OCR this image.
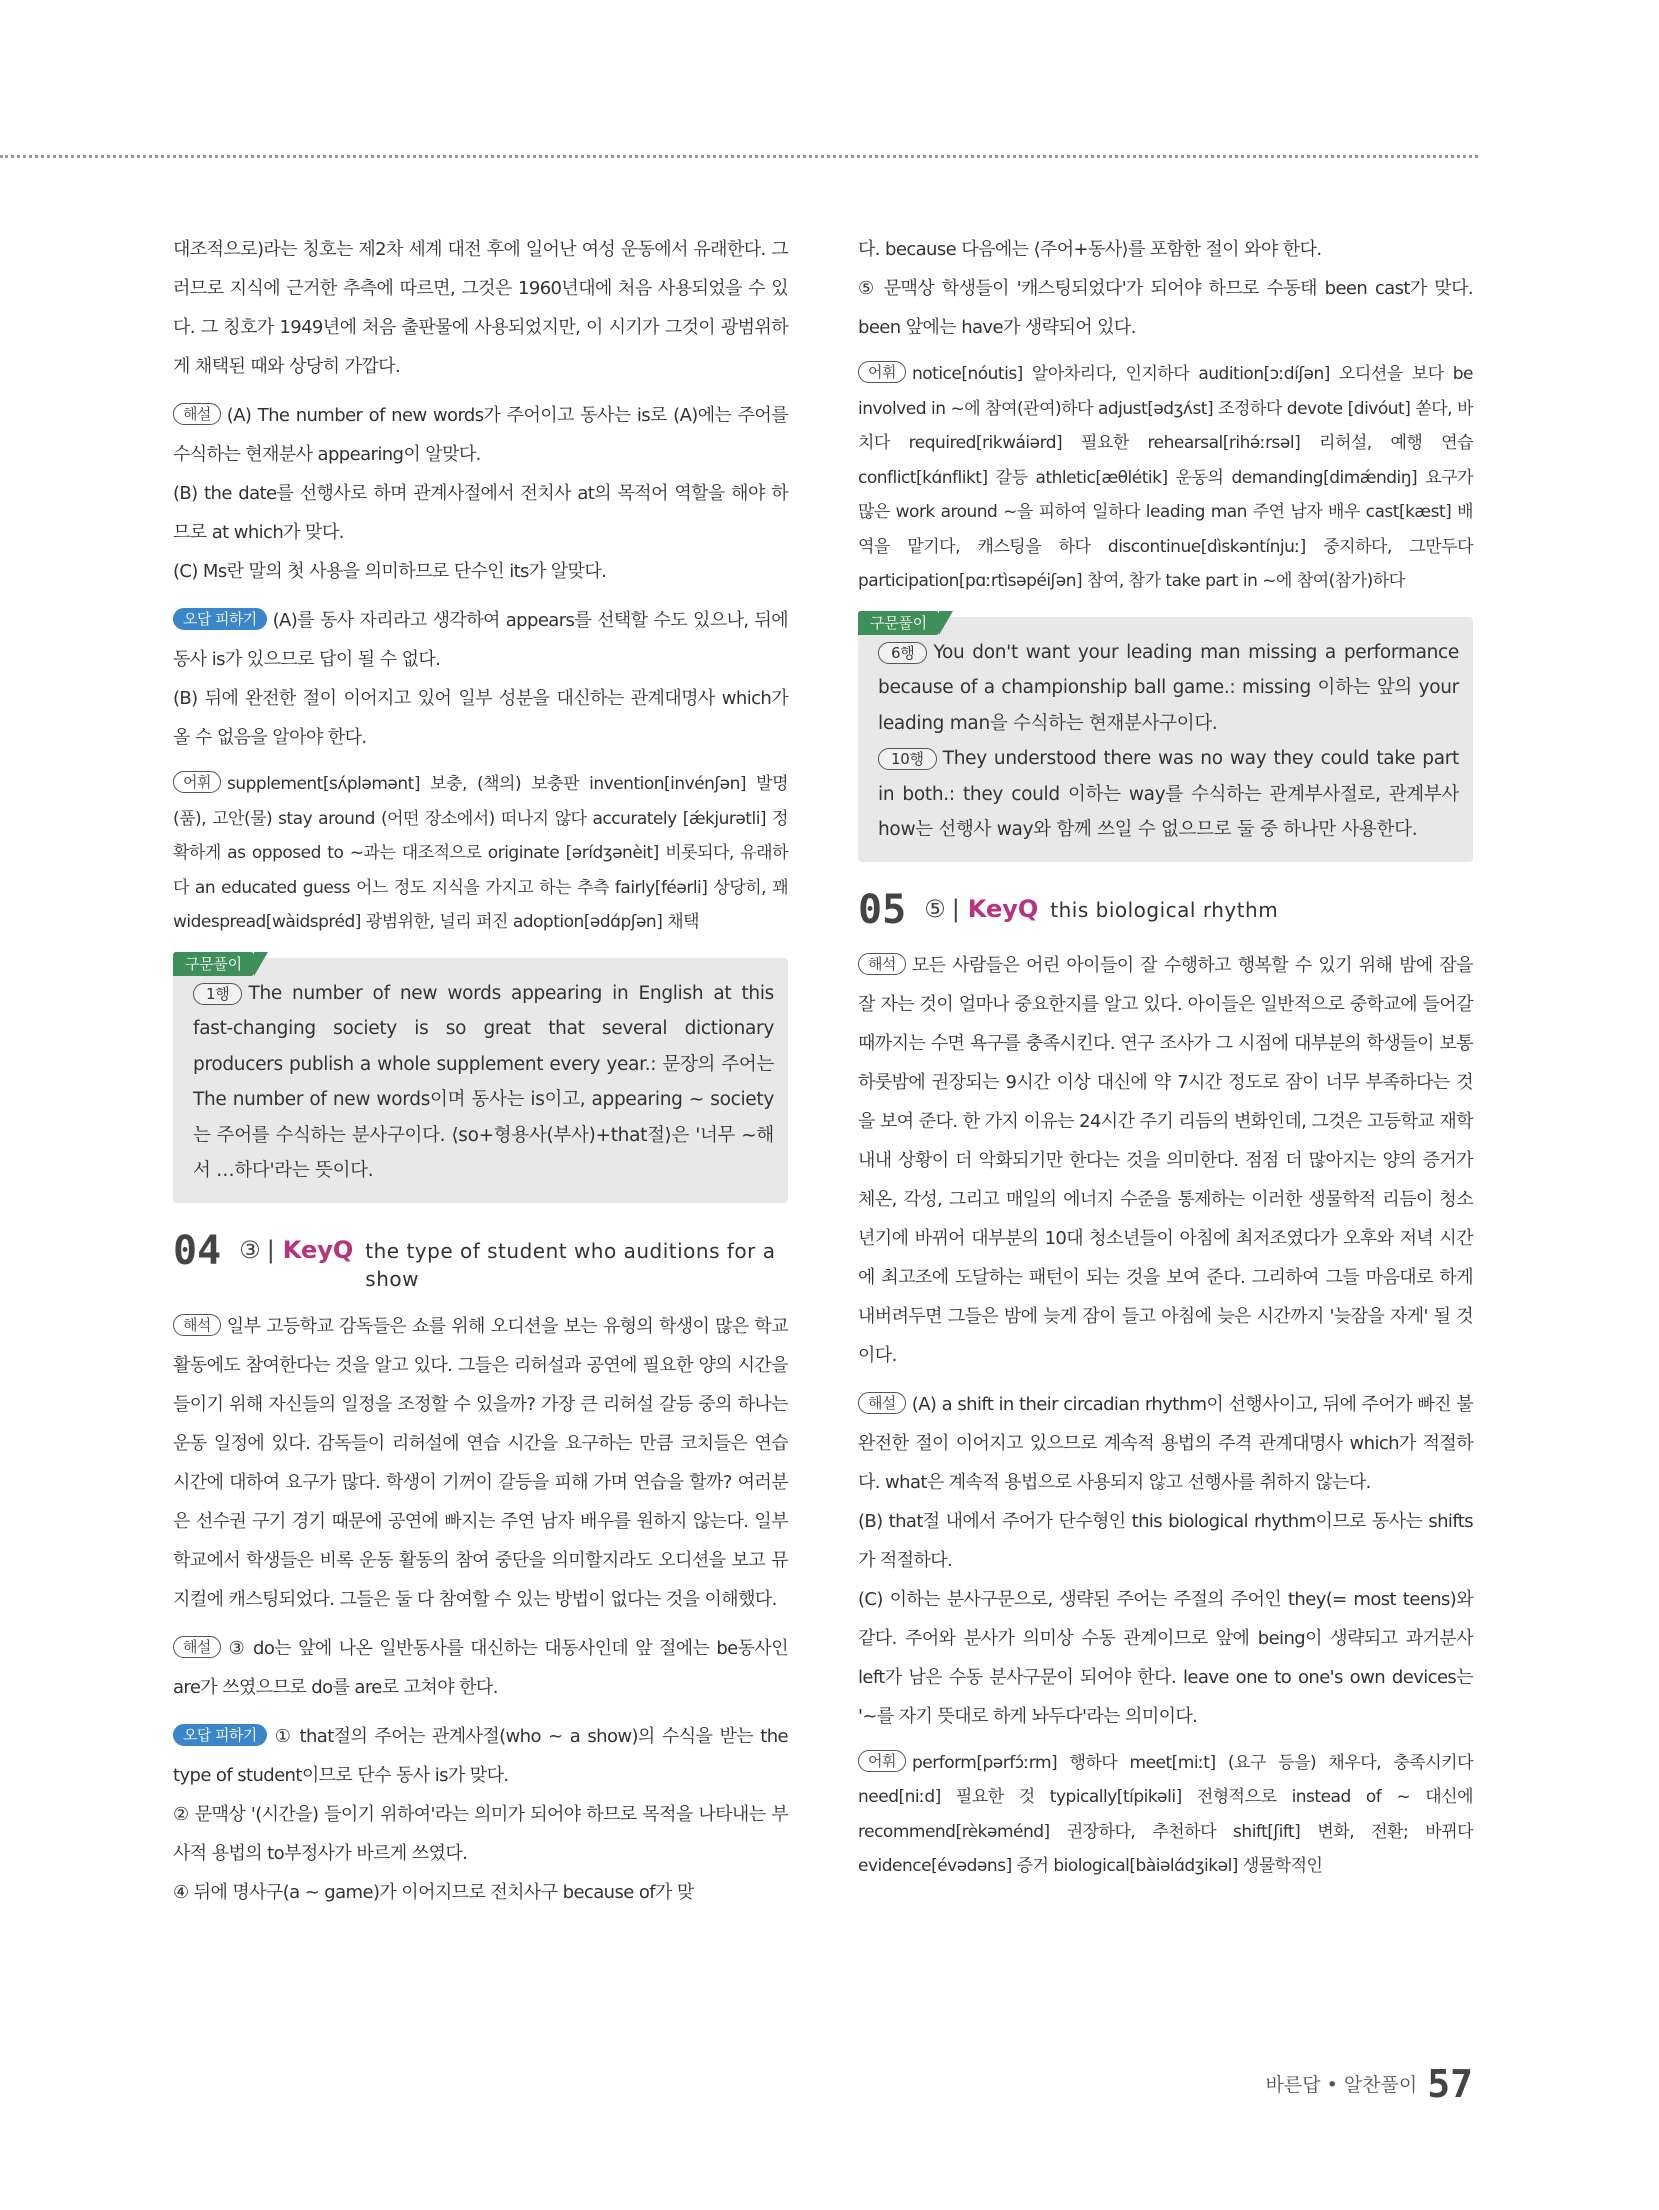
대조적으로)라는 칭호는 제2차 세계 대전 후에 일어난 여성 운동에서 유래한다. 그러므로 지식에 근거한 추측에 따르면, 그것은 1960년대에 처음 사용되었을 수 있다. 그 칭호가 1949년에 처음 출판물에 사용되었지만, 이 시기가 그것이 광범위하게 채택된 때와 상당히 가깝다.

해설 (A) The number of new words가 주어이고 동사는 is로 (A)에는 주어를 수식하는 현재분사 appearing이 알맞다.

(B) the date를 선행사로 하며 관계사절에서 전치사 at의 목적어 역할을 해야 하므로 at which가 맞다.

(C) Ms란 말의 첫 사용을 의미하므로 단수인 its가 알맞다.

오답 피하기 (A)를 동사 자리라고 생각하여 appears를 선택할 수도 있으나, 뒤에 동사 is가 있으므로 답이 될 수 없다.

(B) 뒤에 완전한 절이 이어지고 있어 일부 성분을 대신하는 관계대명사 which가 올 수 없음을 알아야 한다.

어휘 supplement[sʌ́pləmənt] 보충, (책의) 보충판 invention[invénʃən] 발명(품), 고안(물) stay around (어떤 장소에서) 떠나지 않다 accurately [ǽkjurətli] 정확하게 as opposed to ~과는 대조적으로 originate [ərídʒənèit] 비롯되다, 유래하다 an educated guess 어느 정도 지식을 가지고 하는 추측 fairly[féərli] 상당히, 꽤 widespread[wàidspréd] 광범위한, 널리 퍼진 adoption[ədɑ́pʃən] 채택

구문풀이
1행 The number of new words appearing in English at this fast-changing society is so great that several dictionary producers publish a whole supplement every year.: 문장의 주어는 The number of new words이며 동사는 is이고, appearing ~ society는 주어를 수식하는 분사구이다. ⟨so+형용사(부사)+that절⟩은 '너무 ~해서 …하다'라는 뜻이다.
04 ③ | KeyQ the type of student who auditions for a show

해석 일부 고등학교 감독들은 쇼를 위해 오디션을 보는 유형의 학생이 많은 학교 활동에도 참여한다는 것을 알고 있다. 그들은 리허설과 공연에 필요한 양의 시간을 들이기 위해 자신들의 일정을 조정할 수 있을까? 가장 큰 리허설 갈등 중의 하나는 운동 일정에 있다. 감독들이 리허설에 연습 시간을 요구하는 만큼 코치들은 연습 시간에 대하여 요구가 많다. 학생이 기꺼이 갈등을 피해 가며 연습을 할까? 여러분은 선수권 구기 경기 때문에 공연에 빠지는 주연 남자 배우를 원하지 않는다. 일부 학교에서 학생들은 비록 운동 활동의 참여 중단을 의미할지라도 오디션을 보고 뮤지컬에 캐스팅되었다. 그들은 둘 다 참여할 수 있는 방법이 없다는 것을 이해했다.

해설 ③ do는 앞에 나온 일반동사를 대신하는 대동사인데 앞 절에는 be동사인 are가 쓰였으므로 do를 are로 고쳐야 한다.

오답 피하기 ① that절의 주어는 관계사절(who ~ a show)의 수식을 받는 the type of student이므로 단수 동사 is가 맞다.

② 문맥상 '(시간을) 들이기 위하여'라는 의미가 되어야 하므로 목적을 나타내는 부사적 용법의 to부정사가 바르게 쓰였다.

④ 뒤에 명사구(a ~ game)가 이어지므로 전치사구 because of가 맞

다. because 다음에는 ⟨주어+동사⟩를 포함한 절이 와야 한다.

⑤ 문맥상 학생들이 '캐스팅되었다'가 되어야 하므로 수동태 been cast가 맞다. been 앞에는 have가 생략되어 있다.

어휘 notice[nóutis] 알아차리다, 인지하다 audition[ɔːdíʃən] 오디션을 보다 be involved in ~에 참여(관여)하다 adjust[ədʒʌ́st] 조정하다 devote [divóut] 쏟다, 바치다 required[rikwáiərd] 필요한 rehearsal[rihə́ːrsəl] 리허설, 예행 연습 conflict[kɑ́nflikt] 갈등 athletic[æθlétik] 운동의 demanding[dimǽndiŋ] 요구가 많은 work around ~을 피하여 일하다 leading man 주연 남자 배우 cast[kæst] 배역을 맡기다, 캐스팅을 하다 discontinue[dìskəntínjuː] 중지하다, 그만두다 participation[pɑːrtìsəpéiʃən] 참여, 참가 take part in ~에 참여(참가)하다

구문풀이
6행 You don't want your leading man missing a performance because of a championship ball game.: missing 이하는 앞의 your leading man을 수식하는 현재분사구이다.
10행 They understood there was no way they could take part in both.: they could 이하는 way를 수식하는 관계부사절로, 관계부사 how는 선행사 way와 함께 쓰일 수 없으므로 둘 중 하나만 사용한다.
05 ⑤ | KeyQ this biological rhythm

해석 모든 사람들은 어린 아이들이 잘 수행하고 행복할 수 있기 위해 밤에 잠을 잘 자는 것이 얼마나 중요한지를 알고 있다. 아이들은 일반적으로 중학교에 들어갈 때까지는 수면 욕구를 충족시킨다. 연구 조사가 그 시점에 대부분의 학생들이 보통 하룻밤에 권장되는 9시간 이상 대신에 약 7시간 정도로 잠이 너무 부족하다는 것을 보여 준다. 한 가지 이유는 24시간 주기 리듬의 변화인데, 그것은 고등학교 재학 내내 상황이 더 악화되기만 한다는 것을 의미한다. 점점 더 많아지는 양의 증거가 체온, 각성, 그리고 매일의 에너지 수준을 통제하는 이러한 생물학적 리듬이 청소년기에 바뀌어 대부분의 10대 청소년들이 아침에 최저조였다가 오후와 저녁 시간에 최고조에 도달하는 패턴이 되는 것을 보여 준다. 그리하여 그들 마음대로 하게 내버려두면 그들은 밤에 늦게 잠이 들고 아침에 늦은 시간까지 '늦잠을 자게' 될 것이다.

해설 (A) a shift in their circadian rhythm이 선행사이고, 뒤에 주어가 빠진 불완전한 절이 이어지고 있으므로 계속적 용법의 주격 관계대명사 which가 적절하다. what은 계속적 용법으로 사용되지 않고 선행사를 취하지 않는다.

(B) that절 내에서 주어가 단수형인 this biological rhythm이므로 동사는 shifts가 적절하다.

(C) 이하는 분사구문으로, 생략된 주어는 주절의 주어인 they(= most teens)와 같다. 주어와 분사가 의미상 수동 관계이므로 앞에 being이 생략되고 과거분사 left가 남은 수동 분사구문이 되어야 한다. leave one to one's own devices는 '~를 자기 뜻대로 하게 놔두다'라는 의미이다.

어휘 perform[pərfɔ́ːrm] 행하다 meet[miːt] (요구 등을) 채우다, 충족시키다 need[niːd] 필요한 것 typically[típikəli] 전형적으로 instead of ~ 대신에 recommend[rèkəménd] 권장하다, 추천하다 shift[ʃift] 변화, 전환; 바뀌다 evidence[évədəns] 증거 biological[bàiəlɑ́dʒikəl] 생물학적인

바른답 • 알찬풀이 57
